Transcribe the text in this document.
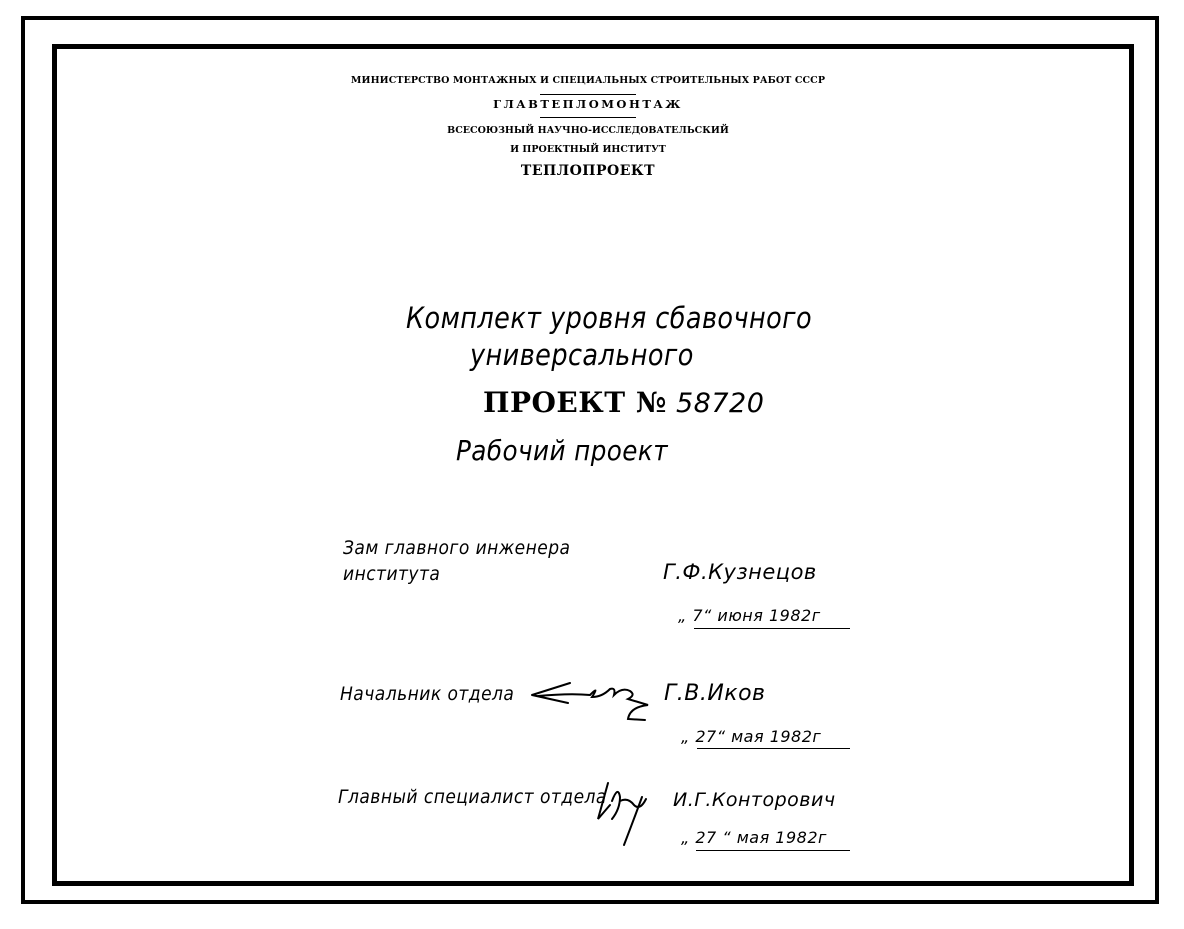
МИНИСТЕРСТВО МОНТАЖНЫХ И СПЕЦИАЛЬНЫХ СТРОИТЕЛЬНЫХ РАБОТ СССР
ГЛАВТЕПЛОМОНТАЖ
ВСЕСОЮЗНЫЙ НАУЧНО-ИССЛЕДОВАТЕЛЬСКИЙ
И ПРОЕКТНЫЙ ИНСТИТУТ
ТЕПЛОПРОЕКТ
Комплект уровня сбавочного
универсального
ПРОЕКТ № 58720
Рабочий проект
Зам главного инженера
института	Г.Ф.Кузнецов
„ 7“ июня 1982г
Начальник отдела	Г.В.Иков
„ 27“ мая 1982г
Главный специалист отдела	И.Г.Конторович
„ 27 “ мая 1982г
